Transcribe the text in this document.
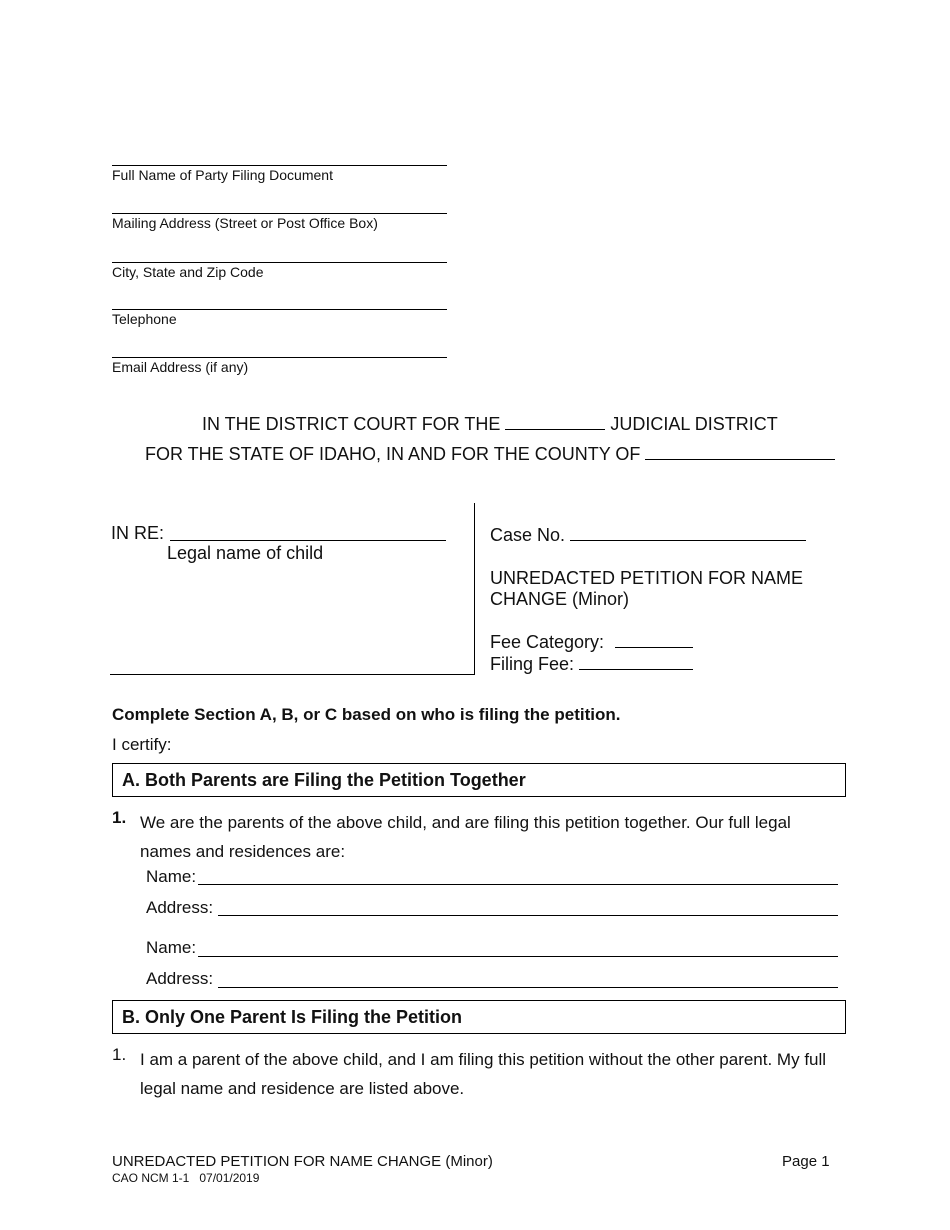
Full Name of Party Filing Document
Mailing Address (Street or Post Office Box)
City, State and Zip Code
Telephone
Email Address (if any)
IN THE DISTRICT COURT FOR THE	JUDICIAL DISTRICT
FOR THE STATE OF IDAHO, IN AND FOR THE COUNTY OF
IN RE:
Legal name of child
Case No.
UNREDACTED PETITION FOR NAME
CHANGE (Minor)
Fee Category:
Filing Fee:
Complete Section A, B, or C based on who is filing the petition.
I certify:
A. Both Parents are Filing the Petition Together
1. We are the parents of the above child, and are filing this petition together. Our full legal
names and residences are:
Name:
Address:
Name:
Address:
B. Only One Parent Is Filing the Petition
1. I am a parent of the above child, and I am filing this petition without the other parent. My full
legal name and residence are listed above.
UNREDACTED PETITION FOR NAME CHANGE (Minor)
CAO NCM 1-1   07/01/2019
Page 1
